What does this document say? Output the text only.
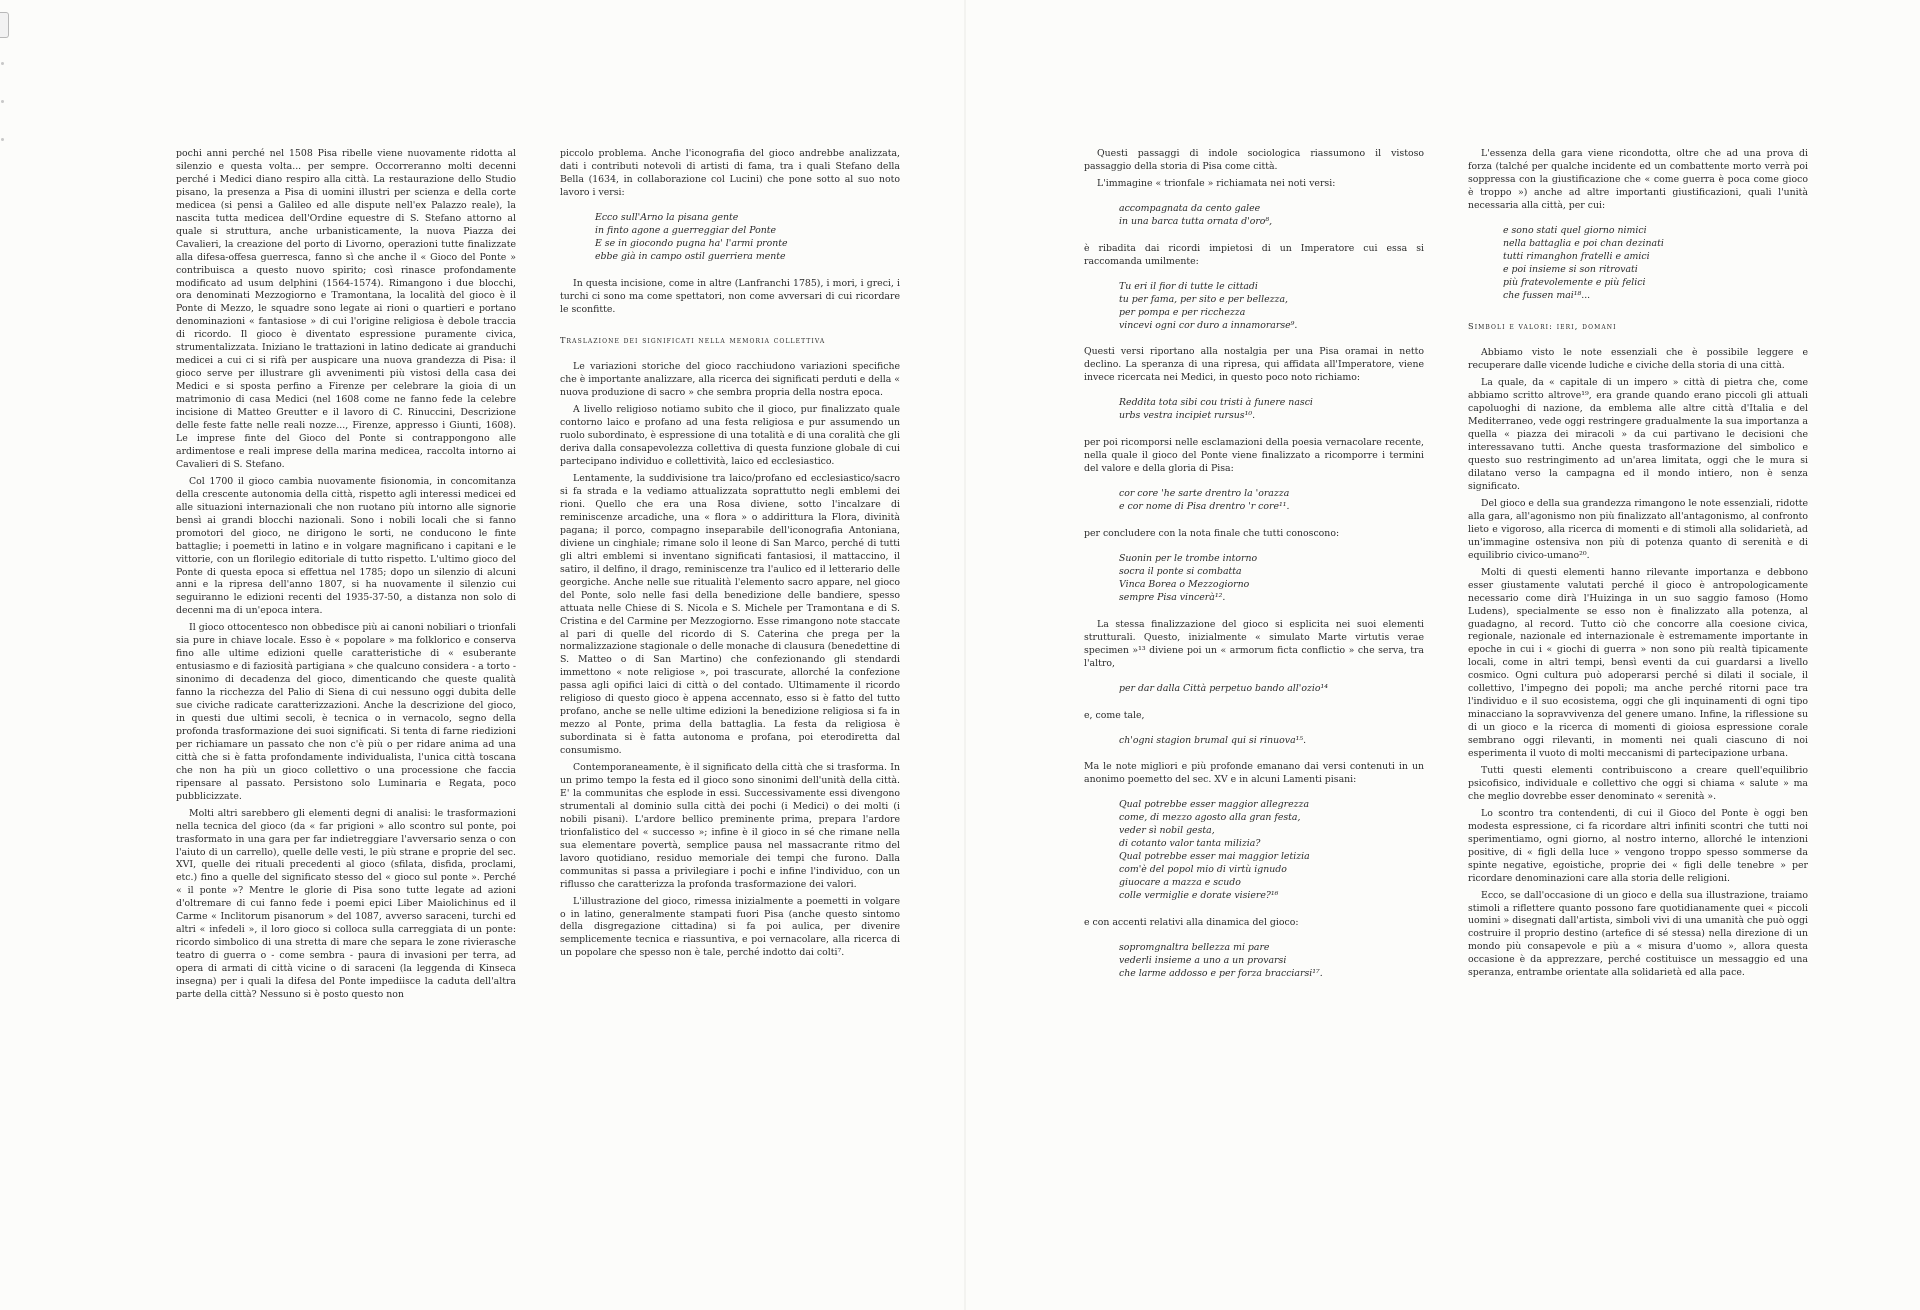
pochi anni perché nel 1508 Pisa ribelle viene nuovamente ridotta al silenzio e questa volta... per sempre. Occorreranno molti decenni perché i Medici diano respiro alla città. La restaurazione dello Studio pisano, la presenza a Pisa di uomini illustri per scienza e della corte medicea (si pensi a Galileo ed alle dispute nell'ex Palazzo reale), la nascita tutta medicea dell'Ordine equestre di S. Stefano attorno al quale si struttura, anche urbanisticamente, la nuova Piazza dei Cavalieri, la creazione del porto di Livorno, operazioni tutte finalizzate alla difesa-offesa guerresca, fanno sì che anche il « Gioco del Ponte » contribuisca a questo nuovo spirito; così rinasce profondamente modificato ad usum delphini (1564-1574). Rimangono i due blocchi, ora denominati Mezzogiorno e Tramontana, la località del gioco è il Ponte di Mezzo, le squadre sono legate ai rioni o quartieri e portano denominazioni « fantasiose » di cui l'origine religiosa è debole traccia di ricordo. Il gioco è diventato espressione puramente civica, strumentalizzata. Iniziano le trattazioni in latino dedicate ai granduchi medicei a cui ci si rifà per auspicare una nuova grandezza di Pisa: il gioco serve per illustrare gli avvenimenti più vistosi della casa dei Medici e si sposta perfino a Firenze per celebrare la gioia di un matrimonio di casa Medici (nel 1608 come ne fanno fede la celebre incisione di Matteo Greutter e il lavoro di C. Rinuccini, Descrizione delle feste fatte nelle reali nozze..., Firenze, appresso i Giunti, 1608). Le imprese finte del Gioco del Ponte si contrappongono alle ardimentose e reali imprese della marina medicea, raccolta intorno ai Cavalieri di S. Stefano.

Col 1700 il gioco cambia nuovamente fisionomia, in concomitanza della crescente autonomia della città, rispetto agli interessi medicei ed alle situazioni internazionali che non ruotano più intorno alle signorie bensì ai grandi blocchi nazionali. Sono i nobili locali che si fanno promotori del gioco, ne dirigono le sorti, ne conducono le finte battaglie; i poemetti in latino e in volgare magnificano i capitani e le vittorie, con un florilegio editoriale di tutto rispetto. L'ultimo gioco del Ponte di questa epoca si effettua nel 1785; dopo un silenzio di alcuni anni e la ripresa dell'anno 1807, si ha nuovamente il silenzio cui seguiranno le edizioni recenti del 1935-37-50, a distanza non solo di decenni ma di un'epoca intera.

Il gioco ottocentesco non obbedisce più ai canoni nobiliari o trionfali sia pure in chiave locale. Esso è « popolare » ma folklorico e conserva fino alle ultime edizioni quelle caratteristiche di « esuberante entusiasmo e di faziosità partigiana » che qualcuno considera - a torto - sinonimo di decadenza del gioco, dimenticando che queste qualità fanno la ricchezza del Palio di Siena di cui nessuno oggi dubita delle sue civiche radicate caratterizzazioni. Anche la descrizione del gioco, in questi due ultimi secoli, è tecnica o in vernacolo, segno della profonda trasformazione dei suoi significati. Si tenta di farne riedizioni per richiamare un passato che non c'è più o per ridare anima ad una città che si è fatta profondamente individualista, l'unica città toscana che non ha più un gioco collettivo o una processione che faccia ripensare al passato. Persistono solo Luminaria e Regata, poco pubblicizzate.

Molti altri sarebbero gli elementi degni di analisi: le trasformazioni nella tecnica del gioco (da « far prigioni » allo scontro sul ponte, poi trasformato in una gara per far indietreggiare l'avversario senza o con l'aiuto di un carrello), quelle delle vesti, le più strane e proprie del sec. XVI, quelle dei rituali precedenti al gioco (sfilata, disfida, proclami, etc.) fino a quelle del significato stesso del « gioco sul ponte ». Perché « il ponte »? Mentre le glorie di Pisa sono tutte legate ad azioni d'oltremare di cui fanno fede i poemi epici Liber Maiolichinus ed il Carme « Inclitorum pisanorum » del 1087, avverso saraceni, turchi ed altri « infedeli », il loro gioco si colloca sulla carreggiata di un ponte: ricordo simbolico di una stretta di mare che separa le zone rivierasche teatro di guerra o - come sembra - paura di invasioni per terra, ad opera di armati di città vicine o di saraceni (la leggenda di Kinseca insegna) per i quali la difesa del Ponte impediisce la caduta dell'altra parte della città? Nessuno si è posto questo non

piccolo problema. Anche l'iconografia del gioco andrebbe analizzata, dati i contributi notevoli di artisti di fama, tra i quali Stefano della Bella (1634, in collaborazione col Lucini) che pone sotto al suo noto lavoro i versi:

Ecco sull'Arno la pisana gente
in finto agone a guerreggiar del Ponte
E se in giocondo pugna ha' l'armi pronte
ebbe già in campo ostil guerriera mente

In questa incisione, come in altre (Lanfranchi 1785), i mori, i greci, i turchi ci sono ma come spettatori, non come avversari di cui ricordare le sconfitte.

Traslazione dei significati nella memoria collettiva

Le variazioni storiche del gioco racchiudono variazioni specifiche che è importante analizzare, alla ricerca dei significati perduti e della « nuova produzione di sacro » che sembra propria della nostra epoca.

A livello religioso notiamo subito che il gioco, pur finalizzato quale contorno laico e profano ad una festa religiosa e pur assumendo un ruolo subordinato, è espressione di una totalità e di una coralità che gli deriva dalla consapevolezza collettiva di questa funzione globale di cui partecipano individuo e collettività, laico ed ecclesiastico.

Lentamente, la suddivisione tra laico/profano ed ecclesiastico/sacro si fa strada e la vediamo attualizzata soprattutto negli emblemi dei rioni. Quello che era una Rosa diviene, sotto l'incalzare di reminiscenze arcadiche, una « flora » o addirittura la Flora, divinità pagana; il porco, compagno inseparabile dell'iconografia Antoniana, diviene un cinghiale; rimane solo il leone di San Marco, perché di tutti gli altri emblemi si inventano significati fantasiosi, il mattaccino, il satiro, il delfino, il drago, reminiscenze tra l'aulico ed il letterario delle georgiche. Anche nelle sue ritualità l'elemento sacro appare, nel gioco del Ponte, solo nelle fasi della benedizione delle bandiere, spesso attuata nelle Chiese di S. Nicola e S. Michele per Tramontana e di S. Cristina e del Carmine per Mezzogiorno. Esse rimangono note staccate al pari di quelle del ricordo di S. Caterina che prega per la normalizzazione stagionale o delle monache di clausura (benedettine di S. Matteo o di San Martino) che confezionando gli stendardi immettono « note religiose », poi trascurate, allorché la confezione passa agli opifici laici di città o del contado. Ultimamente il ricordo religioso di questo gioco è appena accennato, esso si è fatto del tutto profano, anche se nelle ultime edizioni la benedizione religiosa si fa in mezzo al Ponte, prima della battaglia. La festa da religiosa è subordinata si è fatta autonoma e profana, poi eterodiretta dal consumismo.

Contemporaneamente, è il significato della città che si trasforma. In un primo tempo la festa ed il gioco sono sinonimi dell'unità della città. E' la communitas che esplode in essi. Successivamente essi divengono strumentali al dominio sulla città dei pochi (i Medici) o dei molti (i nobili pisani). L'ardore bellico preminente prima, prepara l'ardore trionfalistico del « successo »; infine è il gioco in sé che rimane nella sua elementare povertà, semplice pausa nel massacrante ritmo del lavoro quotidiano, residuo memoriale dei tempi che furono. Dalla communitas si passa a privilegiare i pochi e infine l'individuo, con un riflusso che caratterizza la profonda trasformazione dei valori.

L'illustrazione del gioco, rimessa inizialmente a poemetti in volgare o in latino, generalmente stampati fuori Pisa (anche questo sintomo della disgregazione cittadina) si fa poi aulica, per divenire semplicemente tecnica e riassuntiva, e poi vernacolare, alla ricerca di un popolare che spesso non è tale, perché indotto dai colti⁷.

Questi passaggi di indole sociologica riassumono il vistoso passaggio della storia di Pisa come città.

L'immagine « trionfale » richiamata nei noti versi:

accompagnata da cento galee
in una barca tutta ornata d'oro⁸,

è ribadita dai ricordi impietosi di un Imperatore cui essa si raccomanda umilmente:

Tu eri il fior di tutte le cittadi
tu per fama, per sito e per bellezza,
per pompa e per ricchezza
vincevi ogni cor duro a innamorarse⁹.

Questi versi riportano alla nostalgia per una Pisa oramai in netto declino. La speranza di una ripresa, qui affidata all'Imperatore, viene invece ricercata nei Medici, in questo poco noto richiamo:

Reddita tota sibi cou tristi à funere nasci
urbs vestra incipiet rursus¹⁰.

per poi ricomporsi nelle esclamazioni della poesia vernacolare recente, nella quale il gioco del Ponte viene finalizzato a ricomporre i termini del valore e della gloria di Pisa:

cor core 'he sarte drentro la 'orazza
e cor nome di Pisa drentro 'r core¹¹.

per concludere con la nota finale che tutti conoscono:

Suonin per le trombe intorno
socra il ponte si combatta
Vinca Borea o Mezzogiorno
sempre Pisa vincerà¹².

La stessa finalizzazione del gioco si esplicita nei suoi elementi strutturali. Questo, inizialmente « simulato Marte virtutis verae specimen »¹³ diviene poi un « armorum ficta conflictio » che serva, tra l'altro,

per dar dalla Città perpetuo bando all'ozio¹⁴

e, come tale,

ch'ogni stagion brumal qui si rinuova¹⁵.

Ma le note migliori e più profonde emanano dai versi contenuti in un anonimo poemetto del sec. XV e in alcuni Lamenti pisani:

Qual potrebbe esser maggior allegrezza
come, di mezzo agosto alla gran festa,
veder sì nobil gesta,
di cotanto valor tanta milizia?
Qual potrebbe esser mai maggior letizia
com'è del popol mio di virtù ignudo
giuocare a mazza e scudo
colle vermiglie e dorate visiere?¹⁶

e con accenti relativi alla dinamica del gioco:

sopromgnaltra bellezza mi pare
vederli insieme a uno a un provarsi
che larme addosso e per forza bracciarsi¹⁷.

L'essenza della gara viene ricondotta, oltre che ad una prova di forza (talché per qualche incidente ed un combattente morto verrà poi soppressa con la giustificazione che « come guerra è poca come gioco è troppo ») anche ad altre importanti giustificazioni, quali l'unità necessaria alla città, per cui:

e sono stati quel giorno nimici
nella battaglia e poi chan dezinati
tutti rimanghon fratelli e amici
e poi insieme si son ritrovati
più fratevolemente e più felici
che fussen mai¹⁸...
Simboli e valori: ieri, domani

Abbiamo visto le note essenziali che è possibile leggere e recuperare dalle vicende ludiche e civiche della storia di una città.

La quale, da « capitale di un impero » città di pietra che, come abbiamo scritto altrove¹⁹, era grande quando erano piccoli gli attuali capoluoghi di nazione, da emblema alle altre città d'Italia e del Mediterraneo, vede oggi restringere gradualmente la sua importanza a quella « piazza dei miracoli » da cui partivano le decisioni che interessavano tutti. Anche questa trasformazione del simbolico e questo suo restringimento ad un'area limitata, oggi che le mura si dilatano verso la campagna ed il mondo intiero, non è senza significato.

Del gioco e della sua grandezza rimangono le note essenziali, ridotte alla gara, all'agonismo non più finalizzato all'antagonismo, al confronto lieto e vigoroso, alla ricerca di momenti e di stimoli alla solidarietà, ad un'immagine ostensiva non più di potenza quanto di serenità e di equilibrio civico-umano²⁰.

Molti di questi elementi hanno rilevante importanza e debbono esser giustamente valutati perché il gioco è antropologicamente necessario come dirà l'Huizinga in un suo saggio famoso (Homo Ludens), specialmente se esso non è finalizzato alla potenza, al guadagno, al record. Tutto ciò che concorre alla coesione civica, regionale, nazionale ed internazionale è estremamente importante in epoche in cui i « giochi di guerra » non sono più realtà tipicamente locali, come in altri tempi, bensì eventi da cui guardarsi a livello cosmico. Ogni cultura può adoperarsi perché si dilati il sociale, il collettivo, l'impegno dei popoli; ma anche perché ritorni pace tra l'individuo e il suo ecosistema, oggi che gli inquinamenti di ogni tipo minacciano la sopravvivenza del genere umano. Infine, la riflessione su di un gioco e la ricerca di momenti di gioiosa espressione corale sembrano oggi rilevanti, in momenti nei quali ciascuno di noi esperimenta il vuoto di molti meccanismi di partecipazione urbana.

Tutti questi elementi contribuiscono a creare quell'equilibrio psicofisico, individuale e collettivo che oggi si chiama « salute » ma che meglio dovrebbe esser denominato « serenità ».

Lo scontro tra contendenti, di cui il Gioco del Ponte è oggi ben modesta espressione, ci fa ricordare altri infiniti scontri che tutti noi sperimentiamo, ogni giorno, al nostro interno, allorché le intenzioni positive, di « figli della luce » vengono troppo spesso sommerse da spinte negative, egoistiche, proprie dei « figli delle tenebre » per ricordare denominazioni care alla storia delle religioni.

Ecco, se dall'occasione di un gioco e della sua illustrazione, traiamo stimoli a riflettere quanto possono fare quotidianamente quei « piccoli uomini » disegnati dall'artista, simboli vivi di una umanità che può oggi costruire il proprio destino (artefice di sé stessa) nella direzione di un mondo più consapevole e più a « misura d'uomo », allora questa occasione è da apprezzare, perché costituisce un messaggio ed una speranza, entrambe orientate alla solidarietà ed alla pace.
